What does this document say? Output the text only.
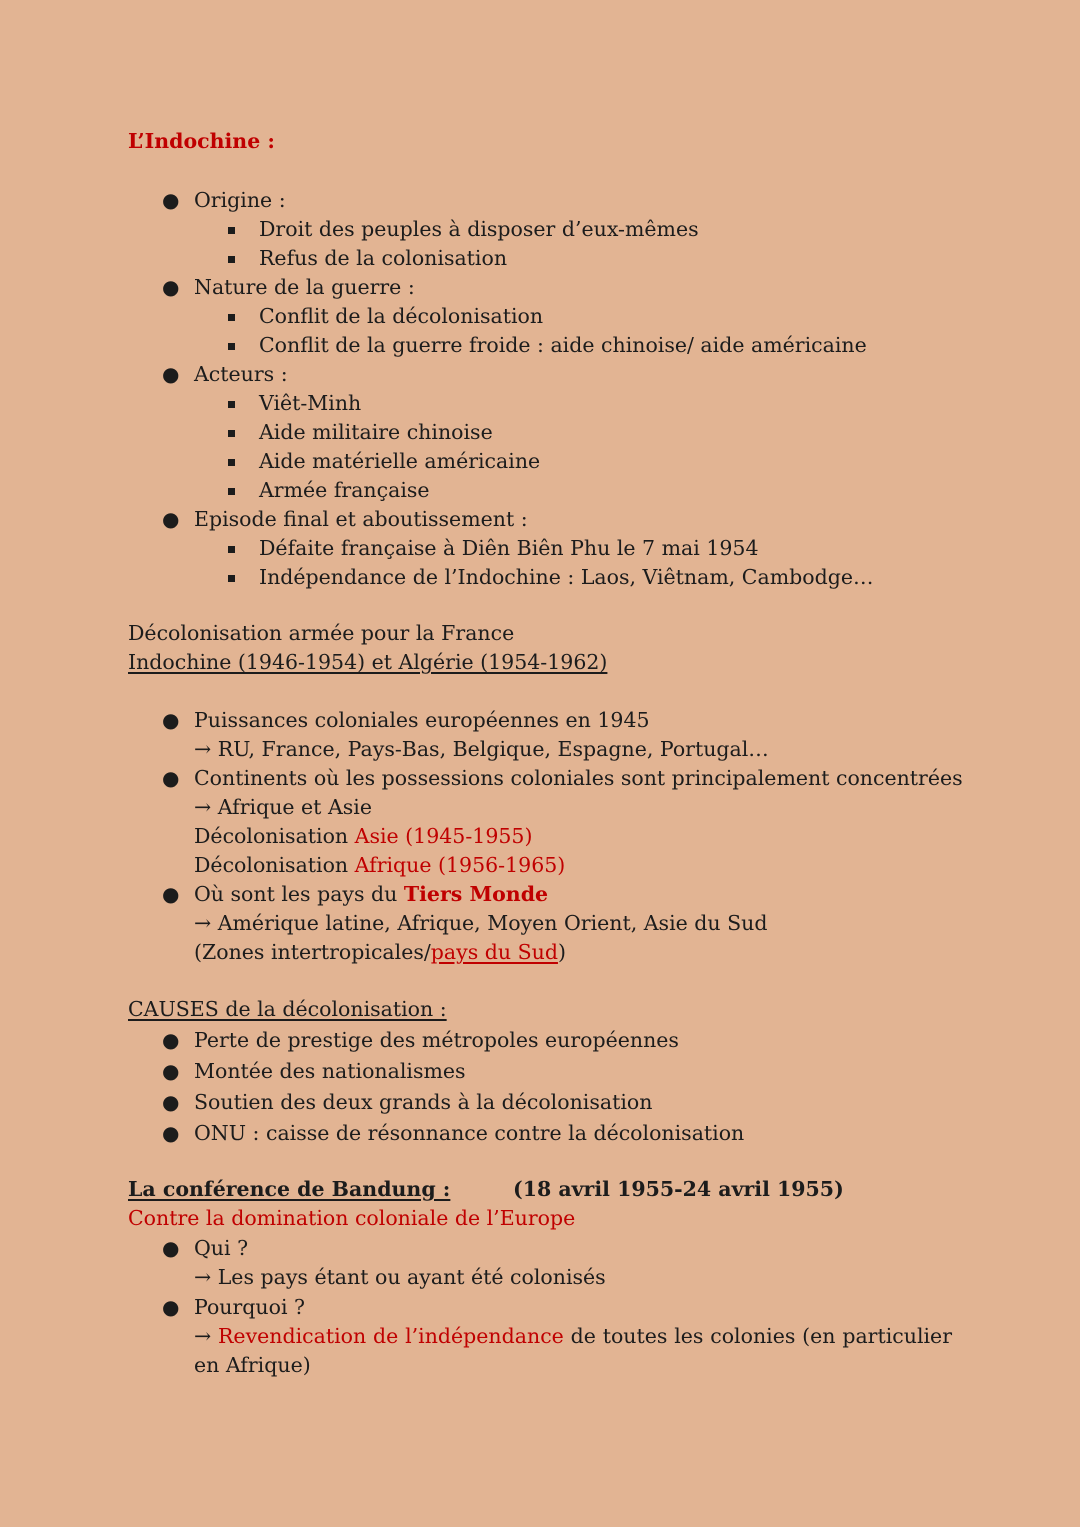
L’Indochine :
● Origine :
Droit des peuples à disposer d’eux-mêmes
Refus de la colonisation
● Nature de la guerre :
Conflit de la décolonisation
Conflit de la guerre froide : aide chinoise/ aide américaine
● Acteurs :
Viêt-Minh
Aide militaire chinoise
Aide matérielle américaine
Armée française
● Episode final et aboutissement :
Défaite française à Diên Biên Phu le 7 mai 1954
Indépendance de l’Indochine : Laos, Viêtnam, Cambodge…
Décolonisation armée pour la France
Indochine (1946-1954) et Algérie (1954-1962)
● Puissances coloniales européennes en 1945
→ RU, France, Pays-Bas, Belgique, Espagne, Portugal…
● Continents où les possessions coloniales sont principalement concentrées
→ Afrique et Asie
Décolonisation Asie (1945-1955)
Décolonisation Afrique (1956-1965)
● Où sont les pays du Tiers Monde
→ Amérique latine, Afrique, Moyen Orient, Asie du Sud
(Zones intertropicales/pays du Sud)
CAUSES de la décolonisation :
● Perte de prestige des métropoles européennes
● Montée des nationalismes
● Soutien des deux grands à la décolonisation
● ONU : caisse de résonnance contre la décolonisation
La conférence de Bandung :	(18 avril 1955-24 avril 1955)
Contre la domination coloniale de l’Europe
● Qui ?
→ Les pays étant ou ayant été colonisés
● Pourquoi ?
→ Revendication de l’indépendance de toutes les colonies (en particulier en Afrique)
